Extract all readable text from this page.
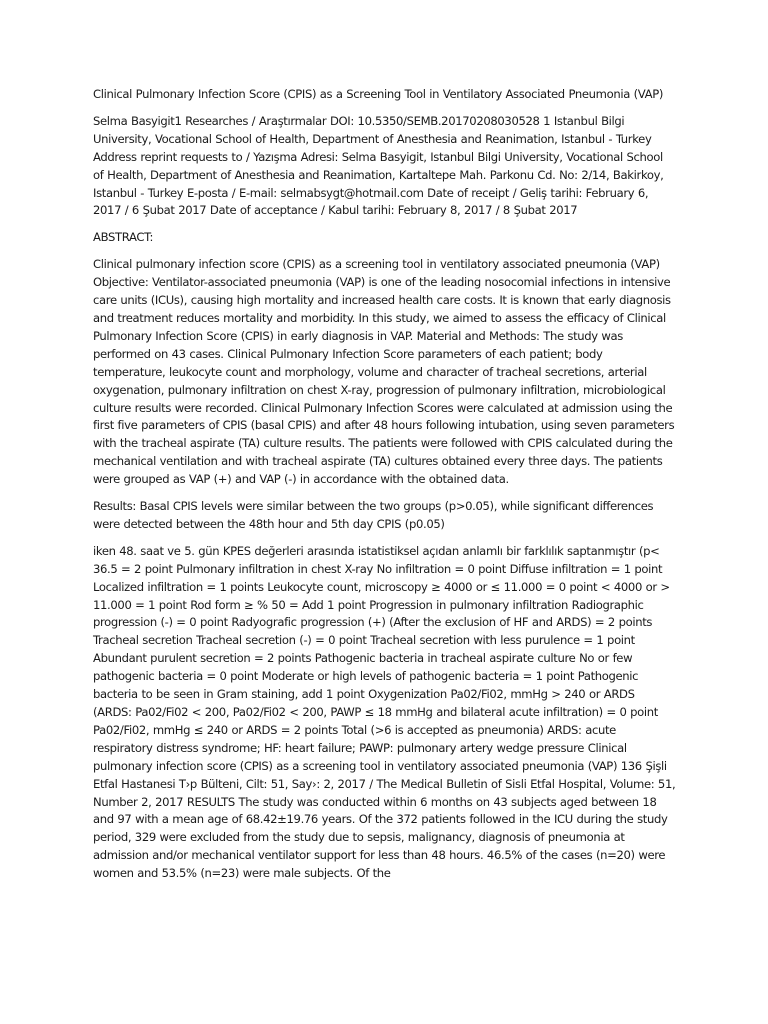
Clinical Pulmonary Infection Score (CPIS) as a Screening Tool in Ventilatory Associated Pneumonia (VAP)

Selma Basyigit1 Researches / Araştırmalar DOI: 10.5350/SEMB.20170208030528 1 Istanbul Bilgi University, Vocational School of Health, Department of Anesthesia and Reanimation, Istanbul - Turkey Address reprint requests to / Yazışma Adresi: Selma Basyigit, Istanbul Bilgi University, Vocational School of Health, Department of Anesthesia and Reanimation, Kartaltepe Mah. Parkonu Cd. No: 2/14, Bakirkoy, Istanbul - Turkey E-posta / E-mail: selmabsygt@hotmail.com Date of receipt / Geliş tarihi: February 6, 2017 / 6 Şubat 2017 Date of acceptance / Kabul tarihi: February 8, 2017 / 8 Şubat 2017

ABSTRACT:

Clinical pulmonary infection score (CPIS) as a screening tool in ventilatory associated pneumonia (VAP) Objective: Ventilator-associated pneumonia (VAP) is one of the leading nosocomial infections in intensive care units (ICUs), causing high mortality and increased health care costs. It is known that early diagnosis and treatment reduces mortality and morbidity. In this study, we aimed to assess the efficacy of Clinical Pulmonary Infection Score (CPIS) in early diagnosis in VAP. Material and Methods: The study was performed on 43 cases. Clinical Pulmonary Infection Score parameters of each patient; body temperature, leukocyte count and morphology, volume and character of tracheal secretions, arterial oxygenation, pulmonary infiltration on chest X-ray, progression of pulmonary infiltration, microbiological culture results were recorded. Clinical Pulmonary Infection Scores were calculated at admission using the first five parameters of CPIS (basal CPIS) and after 48 hours following intubation, using seven parameters with the tracheal aspirate (TA) culture results. The patients were followed with CPIS calculated during the mechanical ventilation and with tracheal aspirate (TA) cultures obtained every three days. The patients were grouped as VAP (+) and VAP (-) in accordance with the obtained data.

Results: Basal CPIS levels were similar between the two groups (p>0.05), while significant differences were detected between the 48th hour and 5th day CPIS (p0.05)

iken 48. saat ve 5. gün KPES değerleri arasında istatistiksel açıdan anlamlı bir farklılık saptanmıştır (p< 36.5 = 2 point Pulmonary infiltration in chest X-ray No infiltration = 0 point Diffuse infiltration = 1 point Localized infiltration = 1 points Leukocyte count, microscopy ≥ 4000 or ≤ 11.000 = 0 point < 4000 or > 11.000 = 1 point Rod form ≥ % 50 = Add 1 point Progression in pulmonary infiltration Radiographic progression (-) = 0 point Radyografic progression (+) (After the exclusion of HF and ARDS) = 2 points Tracheal secretion Tracheal secretion (-) = 0 point Tracheal secretion with less purulence = 1 point Abundant purulent secretion = 2 points Pathogenic bacteria in tracheal aspirate culture No or few pathogenic bacteria = 0 point Moderate or high levels of pathogenic bacteria = 1 point Pathogenic bacteria to be seen in Gram staining, add 1 point Oxygenization Pa02/Fi02, mmHg > 240 or ARDS (ARDS: Pa02/Fi02 < 200, Pa02/Fi02 < 200, PAWP ≤ 18 mmHg and bilateral acute infiltration) = 0 point Pa02/Fi02, mmHg ≤ 240 or ARDS = 2 points Total (>6 is accepted as pneumonia) ARDS: acute respiratory distress syndrome; HF: heart failure; PAWP: pulmonary artery wedge pressure Clinical pulmonary infection score (CPIS) as a screening tool in ventilatory associated pneumonia (VAP) 136 Şişli Etfal Hastanesi T›p Bülteni, Cilt: 51, Say›: 2, 2017 / The Medical Bulletin of Sisli Etfal Hospital, Volume: 51, Number 2, 2017 RESULTS The study was conducted within 6 months on 43 subjects aged between 18 and 97 with a mean age of 68.42±19.76 years. Of the 372 patients followed in the ICU during the study period, 329 were excluded from the study due to sepsis, malignancy, diagnosis of pneumonia at admission and/or mechanical ventilator support for less than 48 hours. 46.5% of the cases (n=20) were women and 53.5% (n=23) were male subjects. Of the
